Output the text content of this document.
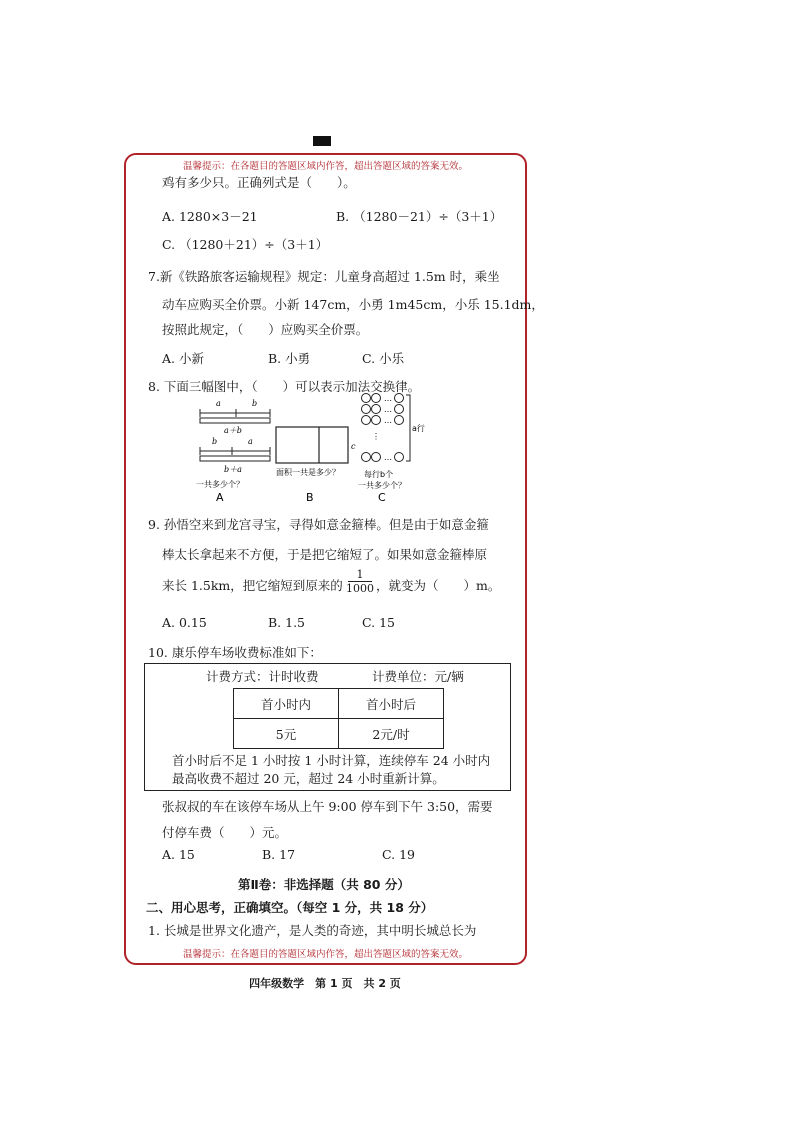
温馨提示：在各题目的答题区域内作答，超出答题区域的答案无效。
鸡有多少只。正确列式是（　　）。
A. 1280×3－21	B. （1280－21）÷（3＋1）
C. （1280＋21）÷（3＋1）
7.新《铁路旅客运输规程》规定：儿童身高超过 1.5m 时，乘坐
动车应购买全价票。小新 147cm，小勇 1m45cm，小乐 15.1dm，
按照此规定，（　　）应购买全价票。
A. 小新	B. 小勇	C. 小乐
8. 下面三幅图中，（　　）可以表示加法交换律。
a	b
a＋b
b	a
b＋a
一共多少个？
A
c
面积一共是多少？
B
…
…
…
…
⋮
a行
每行b个
一共多少个？
C
9. 孙悟空来到龙宫寻宝，寻得如意金箍棒。但是由于如意金箍
棒太长拿起来不方便，于是把它缩短了。如果如意金箍棒原
来长 1.5km，把它缩短到原来的
1
1000 ，就变为（　　）m。
A. 0.15	B. 1.5	C. 15
10. 康乐停车场收费标准如下：
计费方式：计时收费	计费单位：元/辆
首小时内	首小时后
5元	2元/时
首小时后不足 1 小时按 1 小时计算，连续停车 24 小时内
最高收费不超过 20 元，超过 24 小时重新计算。
张叔叔的车在该停车场从上午 9:00 停车到下午 3:50，需要
付停车费（　　）元。
A. 15	B. 17	C. 19
第Ⅱ卷：非选择题（共 80 分）
二、用心思考，正确填空。（每空 1 分，共 18 分）
1. 长城是世界文化遗产，是人类的奇迹，其中明长城总长为
温馨提示：在各题目的答题区域内作答，超出答题区域的答案无效。
四年级数学　第 1 页　共 2 页
